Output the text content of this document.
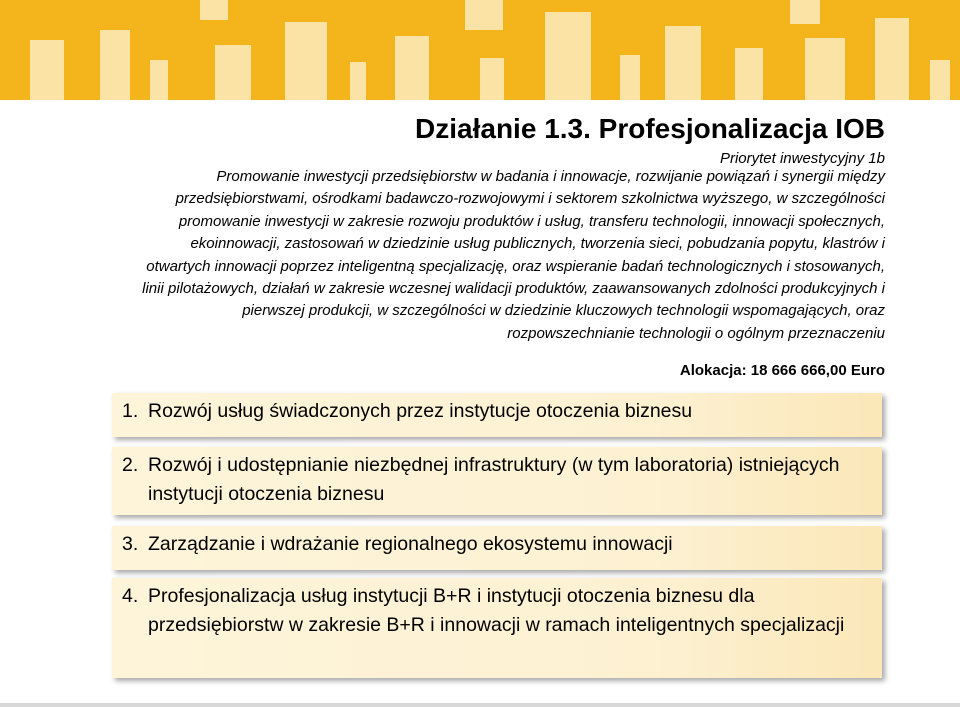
Działanie 1.3. Profesjonalizacja IOB
Priorytet inwestycyjny 1b
Promowanie inwestycji przedsiębiorstw w badania i innowacje, rozwijanie powiązań i synergii między przedsiębiorstwami, ośrodkami badawczo-rozwojowymi i sektorem szkolnictwa wyższego, w szczególności promowanie inwestycji w zakresie rozwoju produktów i usług, transferu technologii, innowacji społecznych, ekoinnowacji, zastosowań w dziedzinie usług publicznych, tworzenia sieci, pobudzania popytu, klastrów i otwartych innowacji poprzez inteligentną specjalizację, oraz wspieranie badań technologicznych i stosowanych, linii pilotażowych, działań w zakresie wczesnej walidacji produktów, zaawansowanych zdolności produkcyjnych i pierwszej produkcji, w szczególności w dziedzinie kluczowych technologii wspomagających, oraz rozpowszechnianie technologii o ogólnym przeznaczeniu
Alokacja: 18 666 666,00 Euro
1. Rozwój usług świadczonych przez instytucje otoczenia biznesu
2. Rozwój i udostępnianie niezbędnej infrastruktury (w tym laboratoria) istniejących instytucji otoczenia biznesu
3. Zarządzanie i wdrażanie regionalnego ekosystemu innowacji
4. Profesjonalizacja usług instytucji B+R i instytucji otoczenia biznesu dla przedsiębiorstw w zakresie B+R i innowacji w ramach inteligentnych specjalizacji
